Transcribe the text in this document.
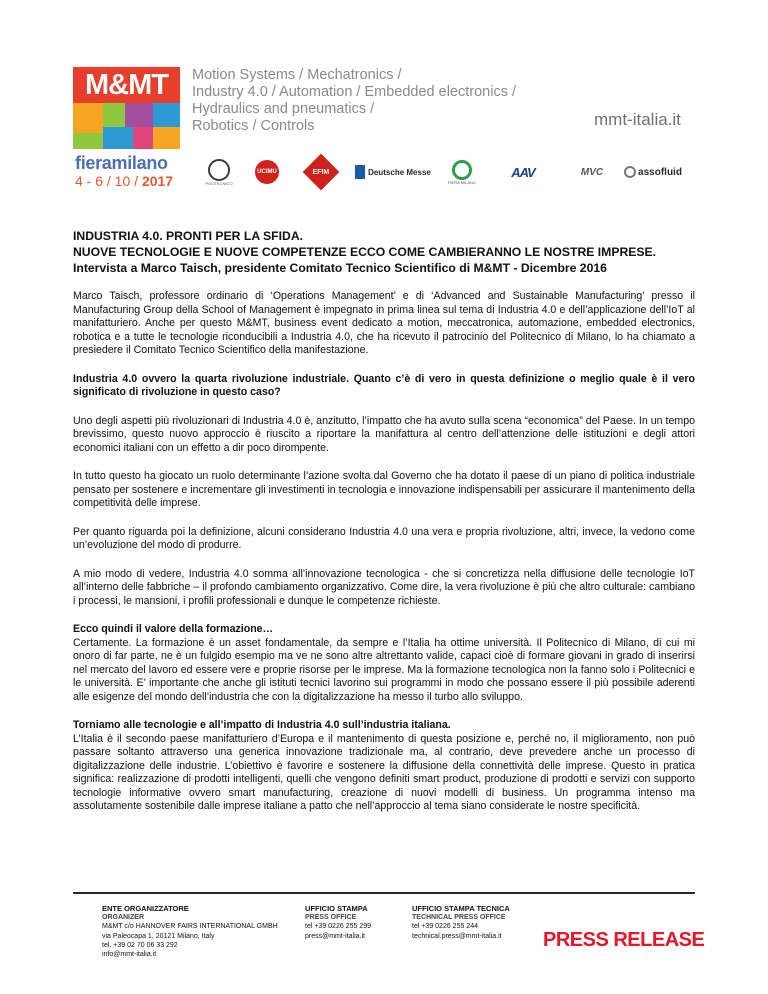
M&MT
fieramilano
4 - 6 / 10 / 2017
Motion Systems / Mechatronics /
Industry 4.0 / Automation / Embedded electronics /
Hydraulics and pneumatics /
Robotics / Controls	mmt-italia.it
POLITECNICO
UCIMU	EFIM	Deutsche Messe
FIERA MILANO
AAV	MVC	assofluid
INDUSTRIA 4.0. PRONTI PER LA SFIDA.
NUOVE TECNOLOGIE E NUOVE COMPETENZE ECCO COME CAMBIERANNO LE NOSTRE IMPRESE.
Intervista a Marco Taisch, presidente Comitato Tecnico Scientifico di M&MT - Dicembre 2016

Marco Taisch, professore ordinario di ‘Operations Management’ e di ‘Advanced and Sustainable Manufacturing’ presso il Manufacturing Group della School of Management è impegnato in prima linea sul tema di Industria 4.0 e dell’applicazione dell’IoT al manifatturiero. Anche per questo M&MT, business event dedicato a motion, meccatronica, automazione, embedded electronics, robotica e a tutte le tecnologie riconducibili a Industria 4.0, che ha ricevuto il patrocinio del Politecnico di Milano, lo ha chiamato a presiedere il Comitato Tecnico Scientifico della manifestazione.

Industria 4.0 ovvero la quarta rivoluzione industriale. Quanto c’è di vero in questa definizione o meglio quale è il vero significato di rivoluzione in questo caso?

Uno degli aspetti più rivoluzionari di Industria 4.0 è, anzitutto, l’impatto che ha avuto sulla scena “economica” del Paese. In un tempo brevissimo, questo nuovo approccio è riuscito a riportare la manifattura al centro dell’attenzione delle istituzioni e degli attori economici italiani con un effetto a dir poco dirompente.

In tutto questo ha giocato un ruolo determinante l’azione svolta dal Governo che ha dotato il paese di un piano di politica industriale pensato per sostenere e incrementare gli investimenti in tecnologia e innovazione indispensabili per assicurare il mantenimento della competitività delle imprese.

Per quanto riguarda poi la definizione, alcuni considerano Industria 4.0 una vera e propria rivoluzione, altri, invece, la vedono come un’evoluzione del modo di produrre.

A mio modo di vedere, Industria 4.0 somma all’innovazione tecnologica - che si concretizza nella diffusione delle tecnologie IoT all’interno delle fabbriche – il profondo cambiamento organizzativo. Come dire, la vera rivoluzione è più che altro culturale: cambiano i processi, le mansioni, i profili professionali e dunque le competenze richieste.

Ecco quindi il valore della formazione…

Certamente. La formazione è un asset fondamentale, da sempre e l’Italia ha ottime università. Il Politecnico di Milano, di cui mi onoro di far parte, ne è un fulgido esempio ma ve ne sono altre altrettanto valide, capaci cioè di formare giovani in grado di inserirsi nel mercato del lavoro ed essere vere e proprie risorse per le imprese. Ma la formazione tecnologica non la fanno solo i Politecnici e le università. E’ importante che anche gli istituti tecnici lavorino sui programmi in modo che possano essere il più possibile aderenti alle esigenze del mondo dell’industria che con la digitalizzazione ha messo il turbo allo sviluppo.

Torniamo alle tecnologie e all’impatto di Industria 4.0 sull’industria italiana.

L’Italia è il secondo paese manifatturiero d’Europa e il mantenimento di questa posizione e, perché no, il miglioramento, non può passare soltanto attraverso una generica innovazione tradizionale ma, al contrario, deve prevedere anche un processo di digitalizzazione delle industrie. L’obiettivo è favorire e sostenere la diffusione della connettività delle imprese. Questo in pratica significa: realizzazione di prodotti intelligenti, quelli che vengono definiti smart product, produzione di prodotti e servizi con supporto tecnologie informative ovvero smart manufacturing, creazione di nuovi modelli di business. Un programma intenso ma assolutamente sostenibile dalle imprese italiane a patto che nell’approccio al tema siano considerate le nostre specificità.

ENTE ORGANIZZATORE
ORGANIZER
M&MT c/o HANNOVER FAIRS INTERNATIONAL GMBH
via Paleocapa 1, 20121 Milano, Italy
tel. +39 02 70 06 33 292
info@mmt-italia.it
UFFICIO STAMPA
PRESS OFFICE
tel +39 0226 255 299
press@mmt-italia.it
UFFICIO STAMPA TECNICA
TECHNICAL PRESS OFFICE
tel +39 0226 255 244
technical.press@mmt-italia.it	PRESS RELEASE
